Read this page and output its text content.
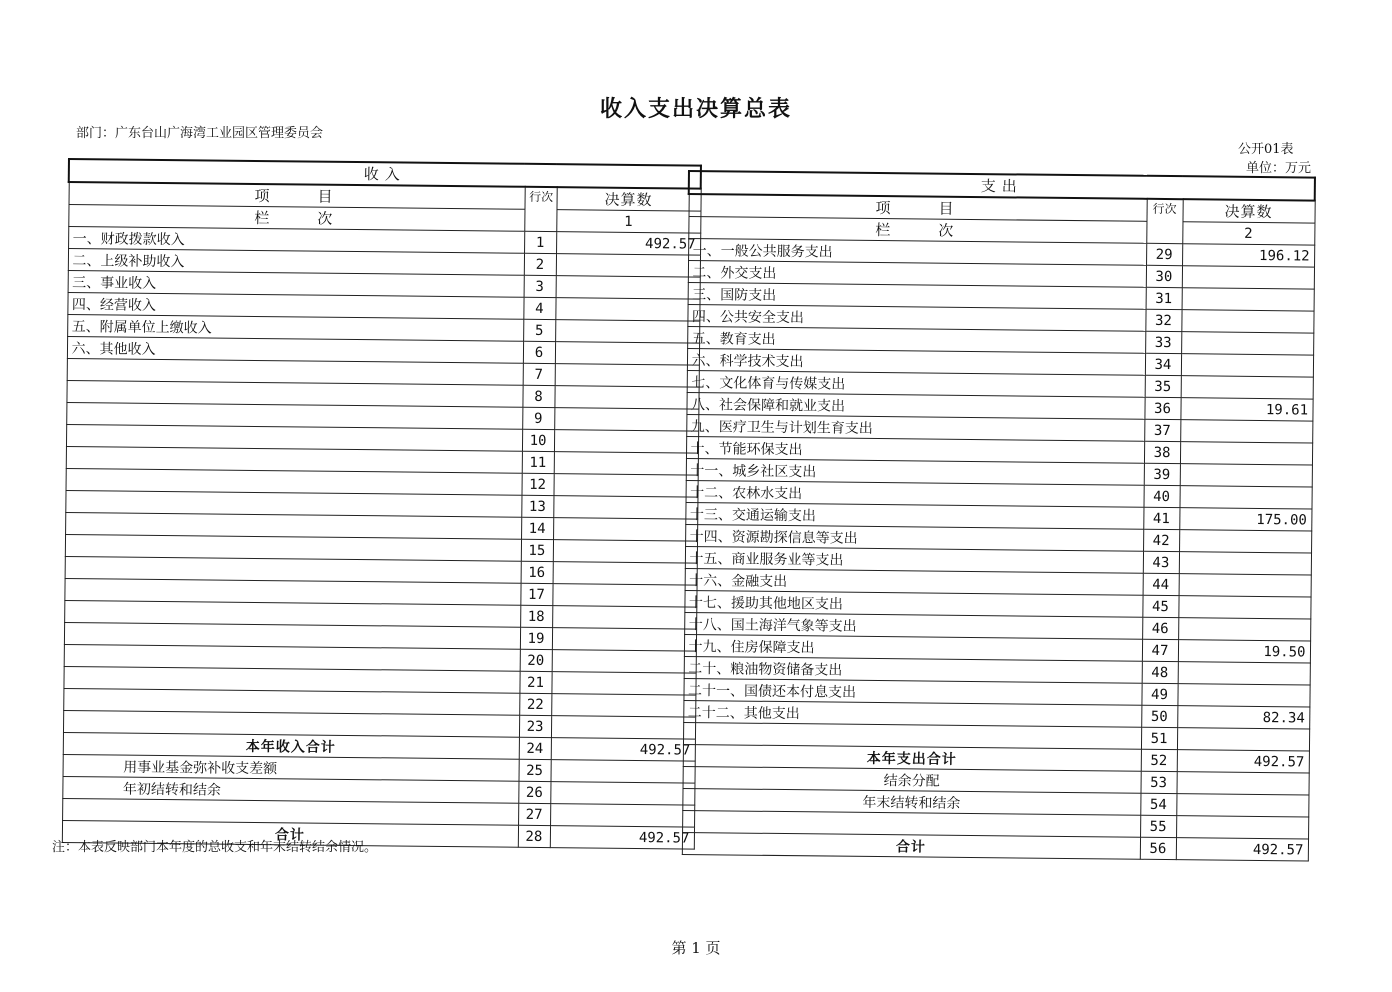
收入支出决算总表
部门：广东台山广海湾工业园区管理委员会
公开01表
单位：万元
收入		
项　　目	行次	决算数
栏　　次		1
一、财政拨款收入	1	492.57
二、上级补助收入	2	
三、事业收入	3	
四、经营收入	4	
五、附属单位上缴收入	5	
六、其他收入	6	
	7	
	8	
	9	
	10	
	11	
	12	
	13	
	14	
	15	
	16	
	17	
	18	
	19	
	20	
	21	
	22	
	23	
本年收入合计	24	492.57
用事业基金弥补收支差额	25	
年初结转和结余	26	
	27	
合计	28	492.57
支出		
项　　目	行次	决算数
栏　　次		2
一、一般公共服务支出	29	196.12
二、外交支出	30	
三、国防支出	31	
四、公共安全支出	32	
五、教育支出	33	
六、科学技术支出	34	
七、文化体育与传媒支出	35	
八、社会保障和就业支出	36	19.61
九、医疗卫生与计划生育支出	37	
十、节能环保支出	38	
十一、城乡社区支出	39	
十二、农林水支出	40	
十三、交通运输支出	41	175.00
十四、资源勘探信息等支出	42	
十五、商业服务业等支出	43	
十六、金融支出	44	
十七、援助其他地区支出	45	
十八、国土海洋气象等支出	46	
十九、住房保障支出	47	19.50
二十、粮油物资储备支出	48	
二十一、国债还本付息支出	49	
二十二、其他支出	50	82.34
	51	
本年支出合计	52	492.57
结余分配	53	
年末结转和结余	54	
	55	
合计	56	492.57
注：本表反映部门本年度的总收支和年末结转结余情况。
第 1 页
